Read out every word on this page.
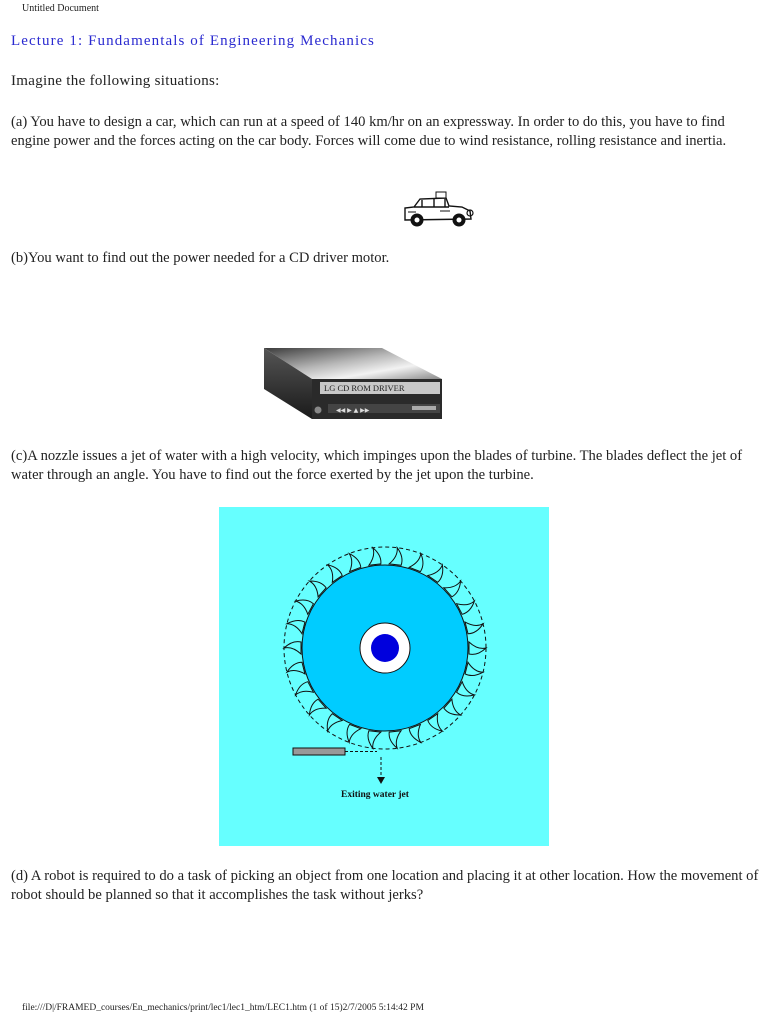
Untitled Document
Lecture 1: Fundamentals of Engineering Mechanics
Imagine the following situations:

(a) You have to design a car, which can run at a speed of 140 km/hr on an expressway. In order to do this, you have to find engine power and the forces acting on the car body. Forces will come due to wind resistance, rolling resistance and inertia.

(b)You want to find out the power needed for a CD driver motor.

LG CD ROM DRIVER
◀◀ ▶ ▲ ▶▶

(c)A nozzle issues a jet of water with a high velocity, which impinges upon the blades of turbine. The blades deflect the jet of water through an angle. You have to find out the force exerted by the jet upon the turbine.

Exiting water jet

(d) A robot is required to do a task of picking an object from one location and placing it at other location. How the movement of robot should be planned so that it accomplishes the task without jerks?

file:///D|/FRAMED_courses/En_mechanics/print/lec1/lec1_htm/LEC1.htm (1 of 15)2/7/2005 5:14:42 PM
